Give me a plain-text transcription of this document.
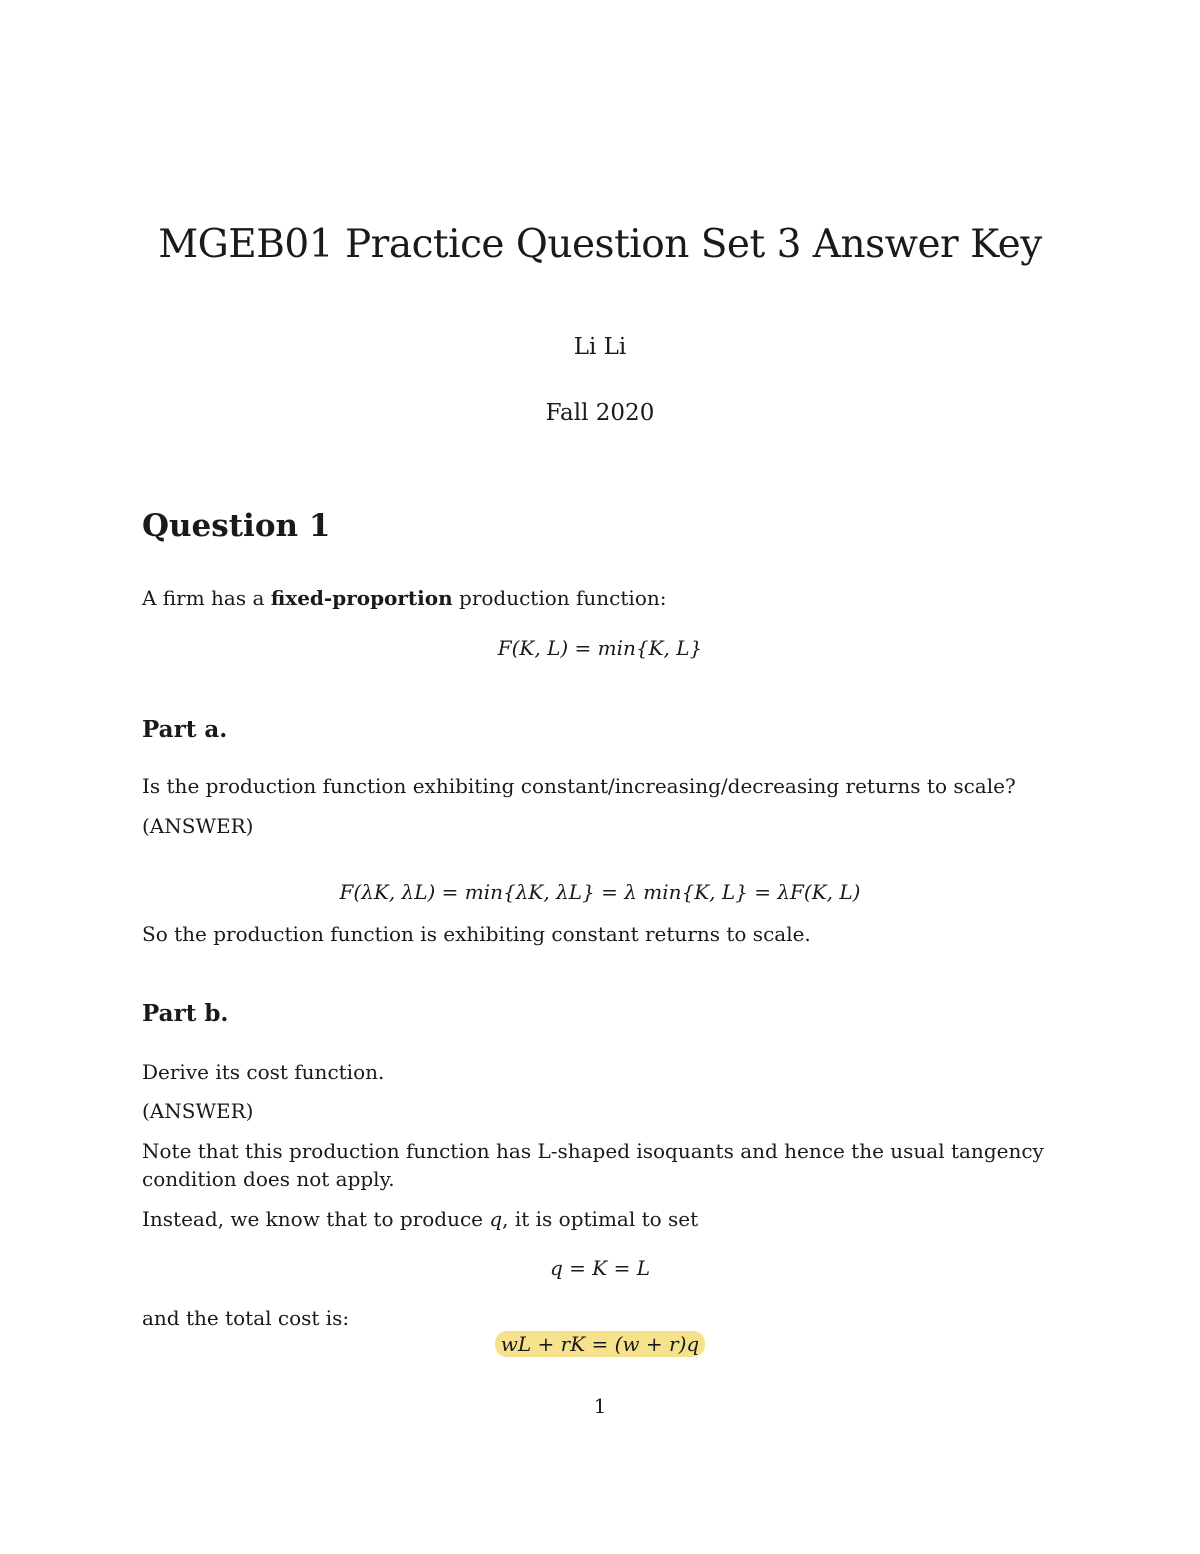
MGEB01 Practice Question Set 3 Answer Key
Li Li
Fall 2020
Question 1
A firm has a fixed-proportion production function:
F(K, L) = min{K, L}
Part a.
Is the production function exhibiting constant/increasing/decreasing returns to scale?
(ANSWER)
F(λK, λL) = min{λK, λL} = λ min{K, L} = λF(K, L)
So the production function is exhibiting constant returns to scale.
Part b.
Derive its cost function.
(ANSWER)
Note that this production function has L-shaped isoquants and hence the usual tangency
condition does not apply.
Instead, we know that to produce q, it is optimal to set
q = K = L
and the total cost is:
wL + rK = (w + r)q
1
